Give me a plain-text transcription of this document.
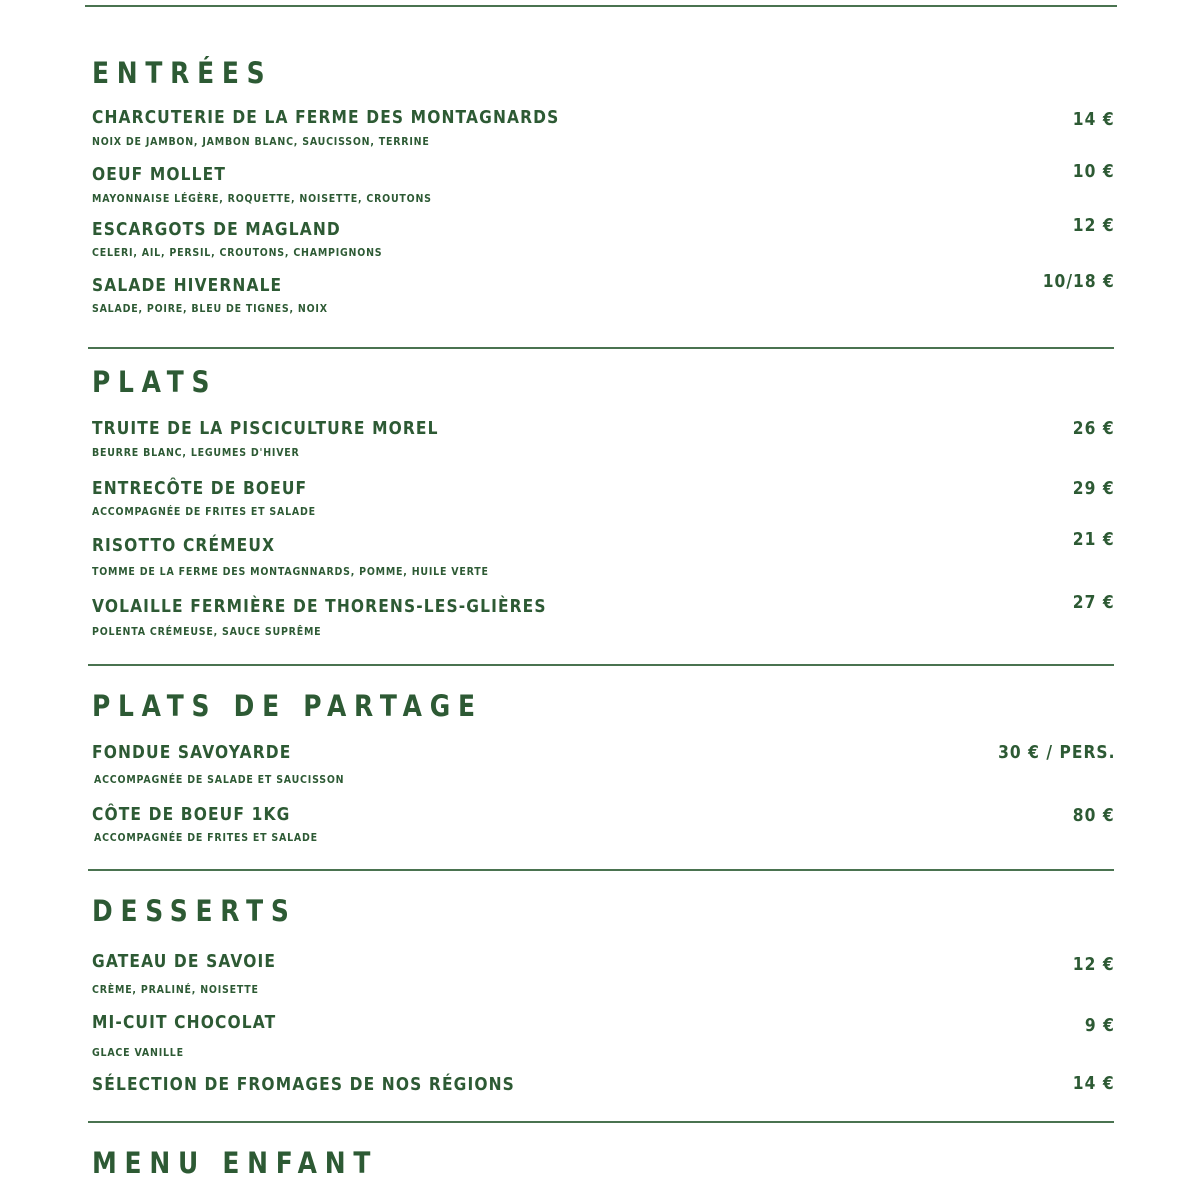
ENTRÉES
CHARCUTERIE DE LA FERME DES MONTAGNARDS
NOIX DE JAMBON, JAMBON BLANC, SAUCISSON, TERRINE
14 €
OEUF MOLLET
MAYONNAISE LÉGÈRE, ROQUETTE, NOISETTE, CROUTONS
10 €
ESCARGOTS DE MAGLAND
CELERI, AIL, PERSIL, CROUTONS, CHAMPIGNONS
12 €
SALADE HIVERNALE
SALADE, POIRE, BLEU DE TIGNES, NOIX
10/18 €
PLATS
TRUITE DE LA PISCICULTURE MOREL
BEURRE BLANC, LEGUMES D'HIVER
26 €
ENTRECÔTE DE BOEUF
ACCOMPAGNÉE DE FRITES ET SALADE
29 €
RISOTTO CRÉMEUX
TOMME DE LA FERME DES MONTAGNNARDS, POMME, HUILE VERTE
21 €
VOLAILLE FERMIÈRE DE THORENS-LES-GLIÈRES
POLENTA CRÉMEUSE, SAUCE SUPRÊME
27 €
PLATS DE PARTAGE
FONDUE SAVOYARDE
ACCOMPAGNÉE DE SALADE ET SAUCISSON
30 € / PERS.
CÔTE DE BOEUF 1KG
ACCOMPAGNÉE DE FRITES ET SALADE
80 €
DESSERTS
GATEAU DE SAVOIE
CRÈME, PRALINÉ, NOISETTE
12 €
MI-CUIT CHOCOLAT
GLACE VANILLE
9 €
SÉLECTION DE FROMAGES DE NOS RÉGIONS	14 €
MENU ENFANT
